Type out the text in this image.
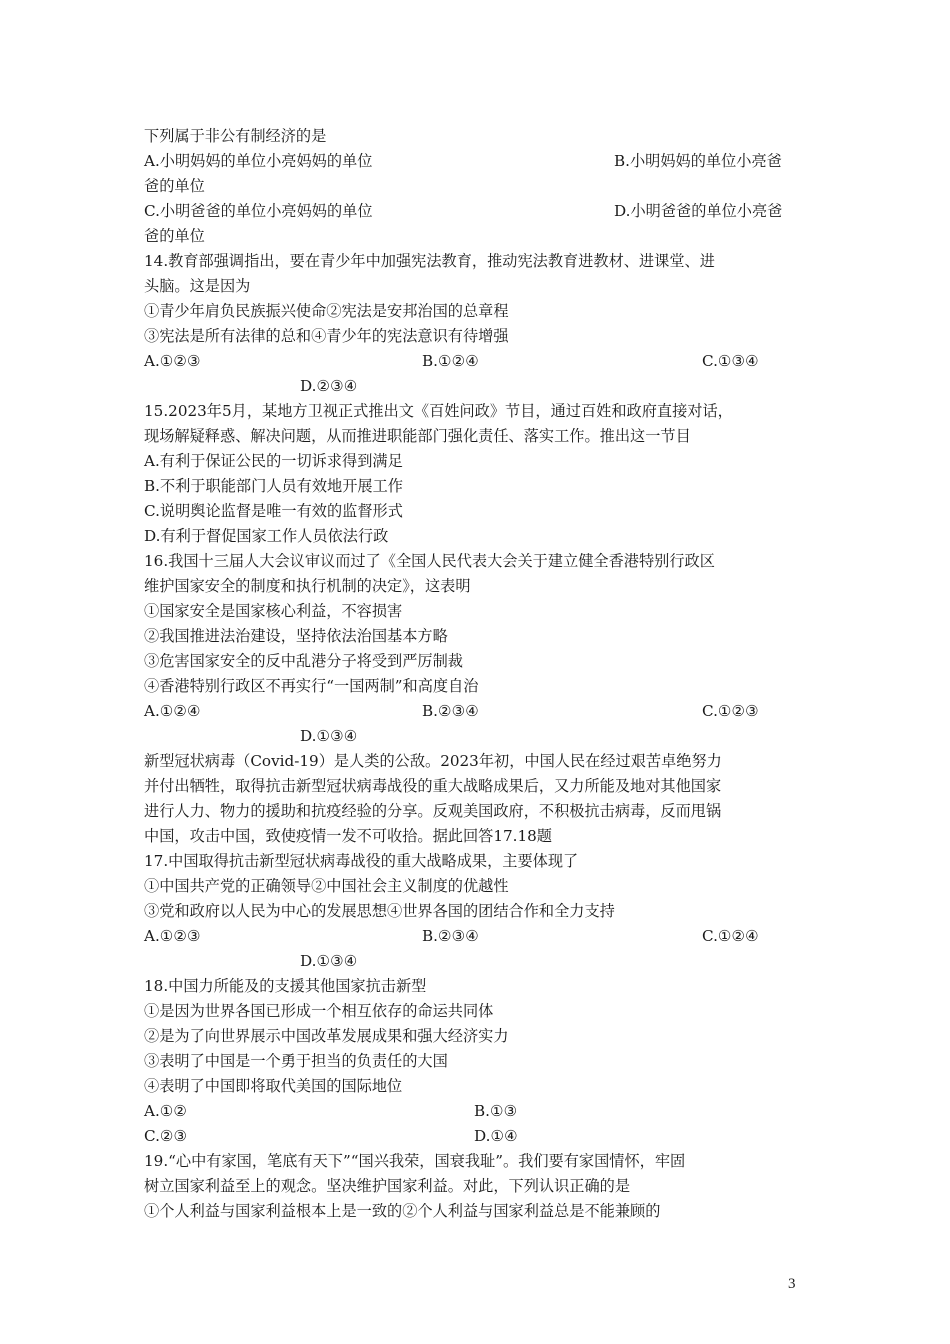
下列属于非公有制经济的是
A.小明妈妈的单位小亮妈妈的单位	B.小明妈妈的单位小亮爸
爸的单位
C.小明爸爸的单位小亮妈妈的单位	D.小明爸爸的单位小亮爸
爸的单位
14.教育部强调指出，要在青少年中加强宪法教育，推动宪法教育进教材、进课堂、进
头脑。这是因为
①青少年肩负民族振兴使命②宪法是安邦治国的总章程
③宪法是所有法律的总和④青少年的宪法意识有待增强
A.①②③	B.①②④	C.①③④
D.②③④
15.2023年5月，某地方卫视正式推出文《百姓问政》节目，通过百姓和政府直接对话，
现场解疑释惑、解决问题，从而推进职能部门强化责任、落实工作。推出这一节目
A.有利于保证公民的一切诉求得到满足
B.不利于职能部门人员有效地开展工作
C.说明舆论监督是唯一有效的监督形式
D.有利于督促国家工作人员依法行政
16.我国十三届人大会议审议而过了《全国人民代表大会关于建立健全香港特别行政区
维护国家安全的制度和执行机制的决定》，这表明
①国家安全是国家核心利益，不容损害
②我国推进法治建设，坚持依法治国基本方略
③危害国家安全的反中乱港分子将受到严厉制裁
④香港特别行政区不再实行“一国两制”和高度自治
A.①②④	B.②③④	C.①②③
D.①③④
新型冠状病毒（Covid-19）是人类的公敌。2023年初，中国人民在经过艰苦卓绝努力
并付出牺牲，取得抗击新型冠状病毒战役的重大战略成果后，又力所能及地对其他国家
进行人力、物力的援助和抗疫经验的分享。反观美国政府，不积极抗击病毒，反而甩锅
中国，攻击中国，致使疫情一发不可收拾。据此回答17.18题
17.中国取得抗击新型冠状病毒战役的重大战略成果，主要体现了
①中国共产党的正确领导②中国社会主义制度的优越性
③党和政府以人民为中心的发展思想④世界各国的团结合作和全力支持
A.①②③	B.②③④	C.①②④
D.①③④
18.中国力所能及的支援其他国家抗击新型
①是因为世界各国已形成一个相互依存的命运共同体
②是为了向世界展示中国改革发展成果和强大经济实力
③表明了中国是一个勇于担当的负责任的大国
④表明了中国即将取代美国的国际地位
A.①②	B.①③
C.②③	D.①④
19.“心中有家国，笔底有天下”“国兴我荣，国衰我耻”。我们要有家国情怀，牢固
树立国家利益至上的观念。坚决维护国家利益。对此，下列认识正确的是
①个人利益与国家利益根本上是一致的②个人利益与国家利益总是不能兼顾的
3
